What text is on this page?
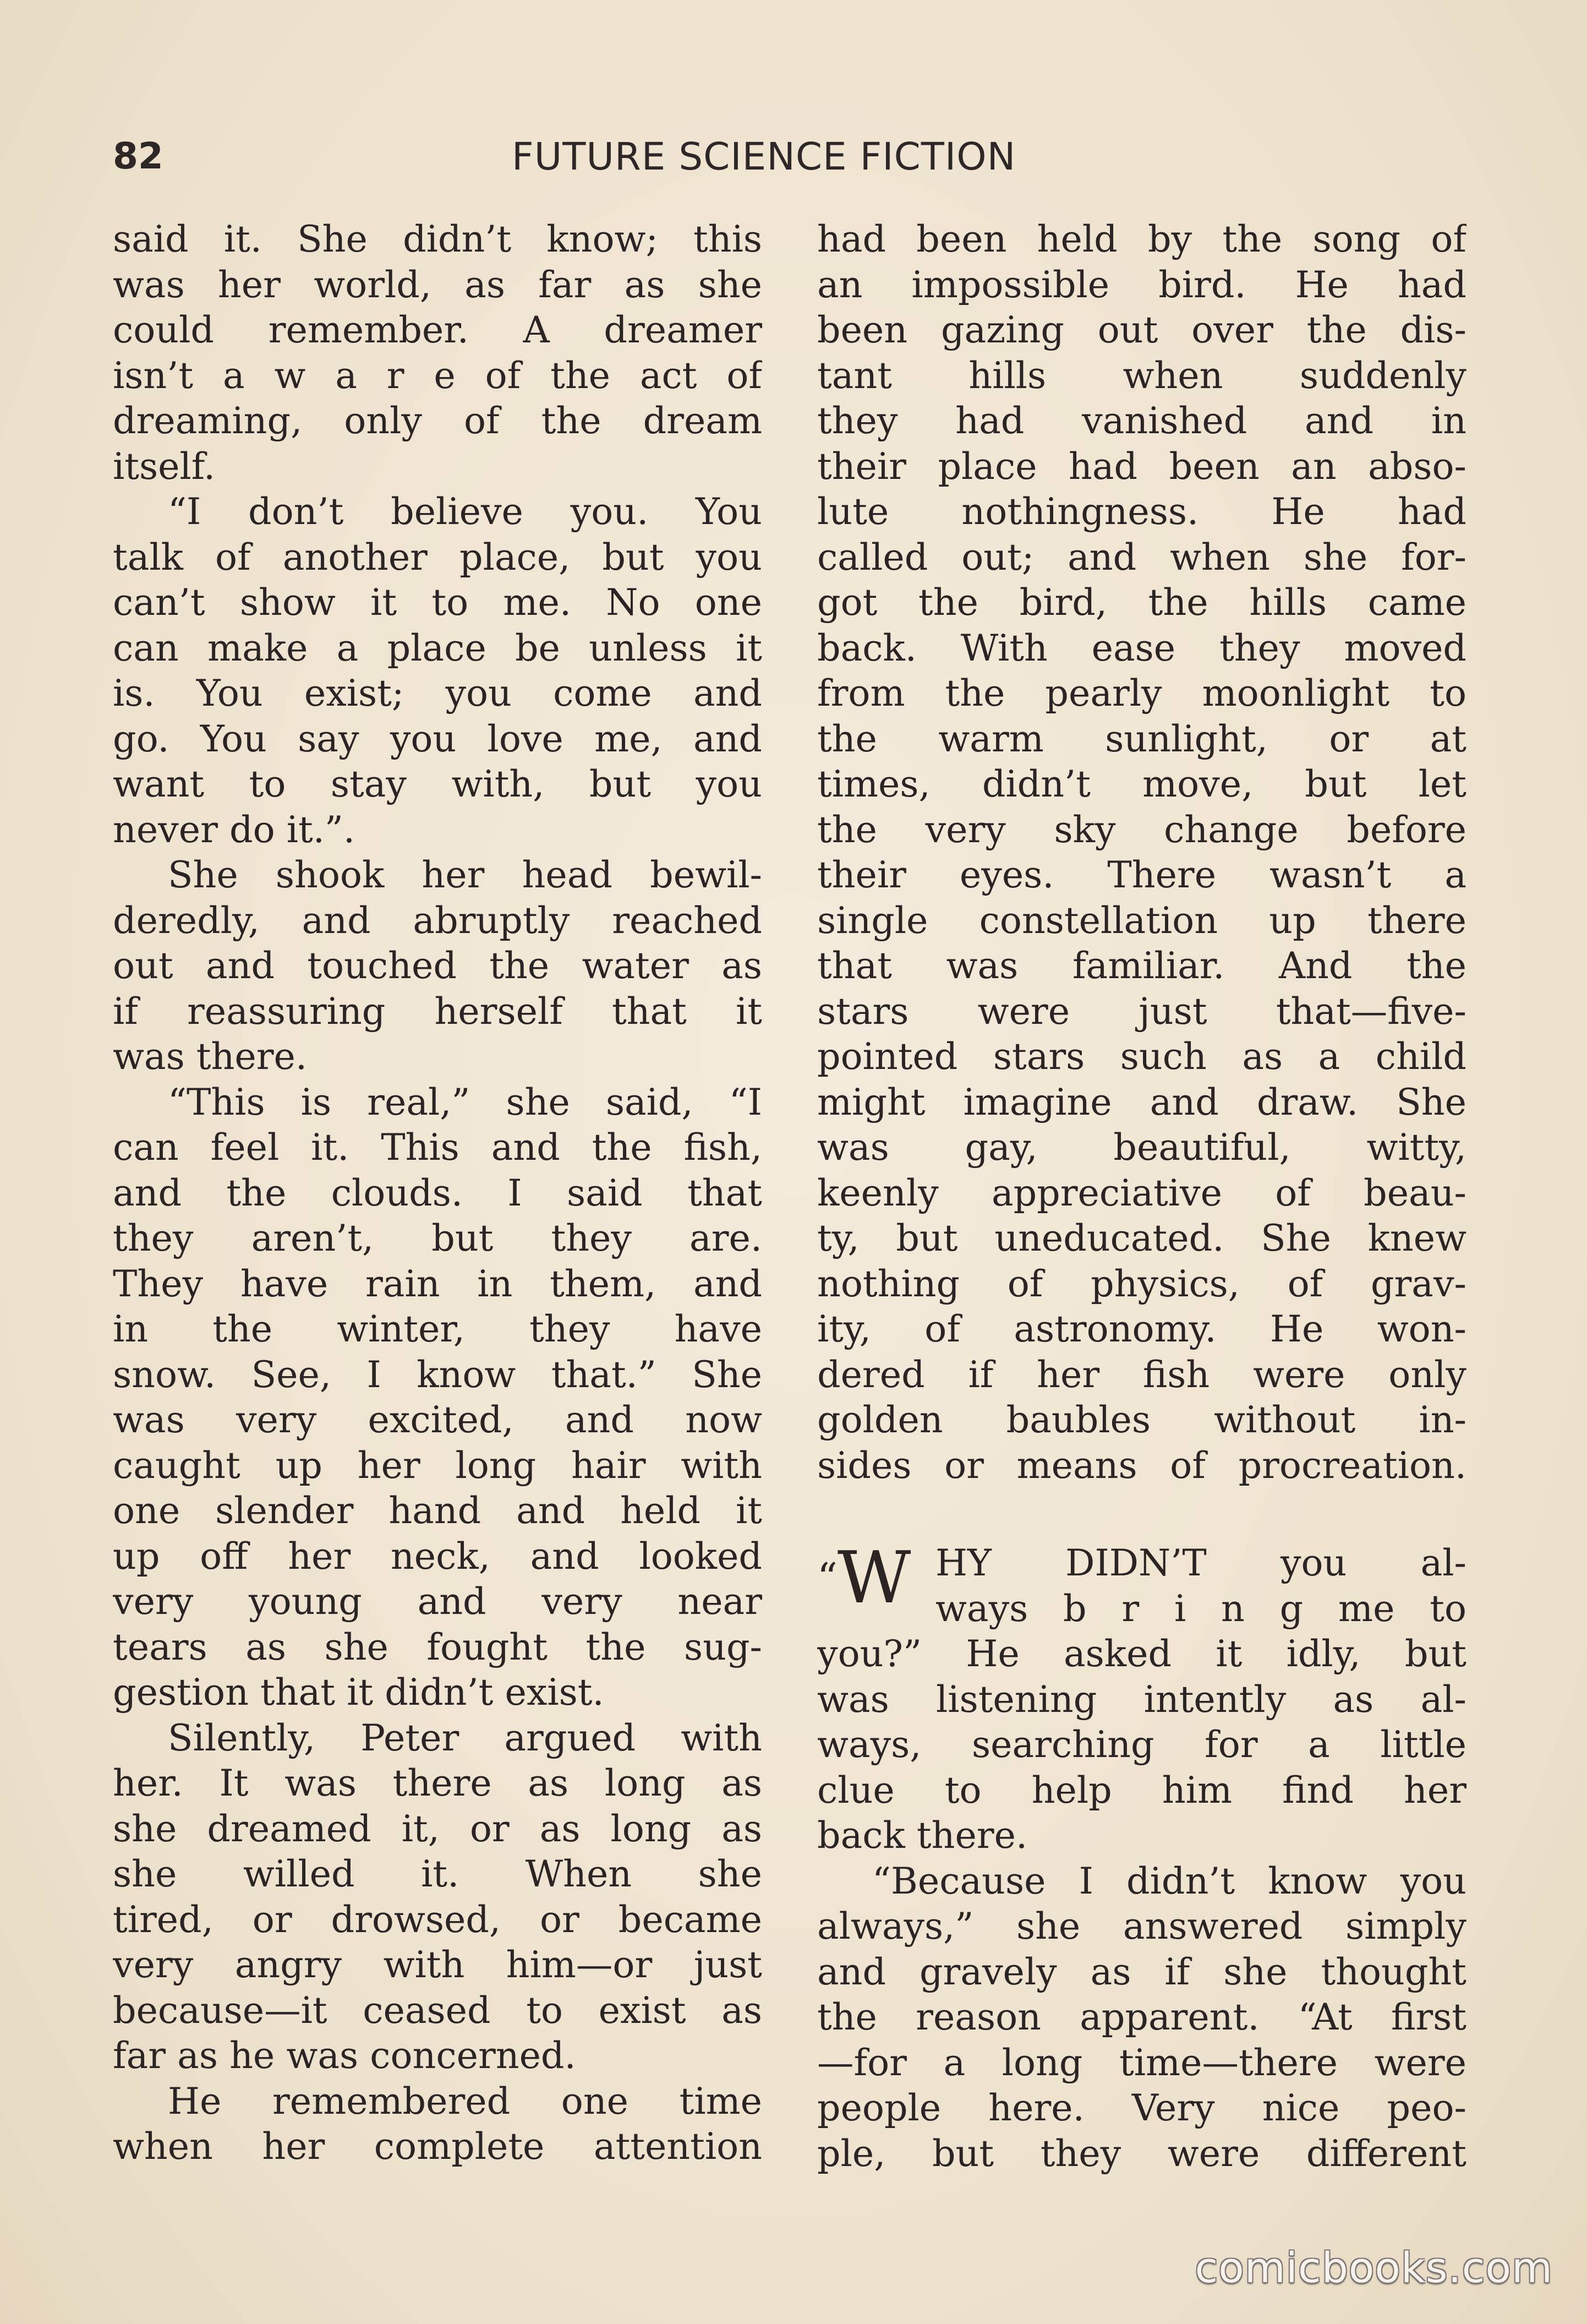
82	FUTURE SCIENCE FICTION
said it. She didn’t know; this
was her world, as far as she
could remember. A dreamer
isn’t a w a r e of the act of
dreaming, only of the dream
itself.
“I don’t believe you. You
talk of another place, but you
can’t show it to me. No one
can make a place be unless it
is. You exist; you come and
go. You say you love me, and
want to stay with, but you
never do it.”.
She shook her head bewil-
deredly, and abruptly reached
out and touched the water as
if reassuring herself that it
was there.
“This is real,” she said, “I
can feel it. This and the fish,
and the clouds. I said that
they aren’t, but they are.
They have rain in them, and
in the winter, they have
snow. See, I know that.” She
was very excited, and now
caught up her long hair with
one slender hand and held it
up off her neck, and looked
very young and very near
tears as she fought the sug-
gestion that it didn’t exist.
Silently, Peter argued with
her. It was there as long as
she dreamed it, or as long as
she willed it. When she
tired, or drowsed, or became
very angry with him—or just
because—it ceased to exist as
far as he was concerned.
He remembered one time
when her complete attention
had been held by the song of
an impossible bird. He had
been gazing out over the dis-
tant hills when suddenly
they had vanished and in
their place had been an abso-
lute nothingness. He had
called out; and when she for-
got the bird, the hills came
back. With ease they moved
from the pearly moonlight to
the warm sunlight, or at
times, didn’t move, but let
the very sky change before
their eyes. There wasn’t a
single constellation up there
that was familiar. And the
stars were just that—five-
pointed stars such as a child
might imagine and draw. She
was gay, beautiful, witty,
keenly appreciative of beau-
ty, but uneducated. She knew
nothing of physics, of grav-
ity, of astronomy. He won-
dered if her fish were only
golden baubles without in-
sides or means of procreation.
“W HY DIDN’T you al-
ways b r i n g me to
you?” He asked it idly, but
was listening intently as al-
ways, searching for a little
clue to help him find her
back there.
“Because I didn’t know you
always,” she answered simply
and gravely as if she thought
the reason apparent. “At first
—for a long time—there were
people here. Very nice peo-
ple, but they were different
comicbooks.com
